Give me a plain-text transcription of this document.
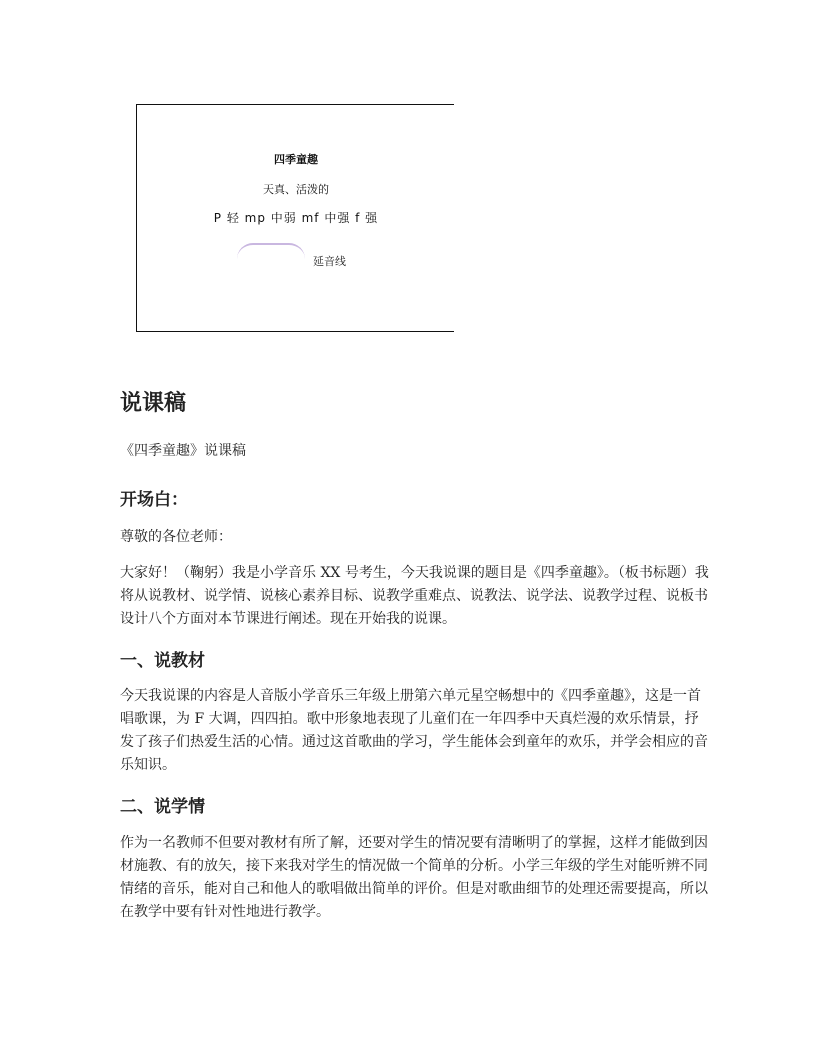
四季童趣
天真、活泼的
P 轻 mp 中弱 mf 中强 f 强
延音线
说课稿

《四季童趣》说课稿

开场白：

尊敬的各位老师：

大家好！（鞠躬）我是小学音乐 XX 号考生，今天我说课的题目是《四季童趣》。（板书标题）我将从说教材、说学情、说核心素养目标、说教学重难点、说教法、说学法、说教学过程、说板书设计八个方面对本节课进行阐述。现在开始我的说课。

一、说教材

今天我说课的内容是人音版小学音乐三年级上册第六单元星空畅想中的《四季童趣》，这是一首唱歌课，为 F 大调，四四拍。歌中形象地表现了儿童们在一年四季中天真烂漫的欢乐情景，抒发了孩子们热爱生活的心情。通过这首歌曲的学习，学生能体会到童年的欢乐，并学会相应的音乐知识。

二、说学情

作为一名教师不但要对教材有所了解，还要对学生的情况要有清晰明了的掌握，这样才能做到因材施教、有的放矢，接下来我对学生的情况做一个简单的分析。小学三年级的学生对能听辨不同情绪的音乐，能对自己和他人的歌唱做出简单的评价。但是对歌曲细节的处理还需要提高，所以在教学中要有针对性地进行教学。
